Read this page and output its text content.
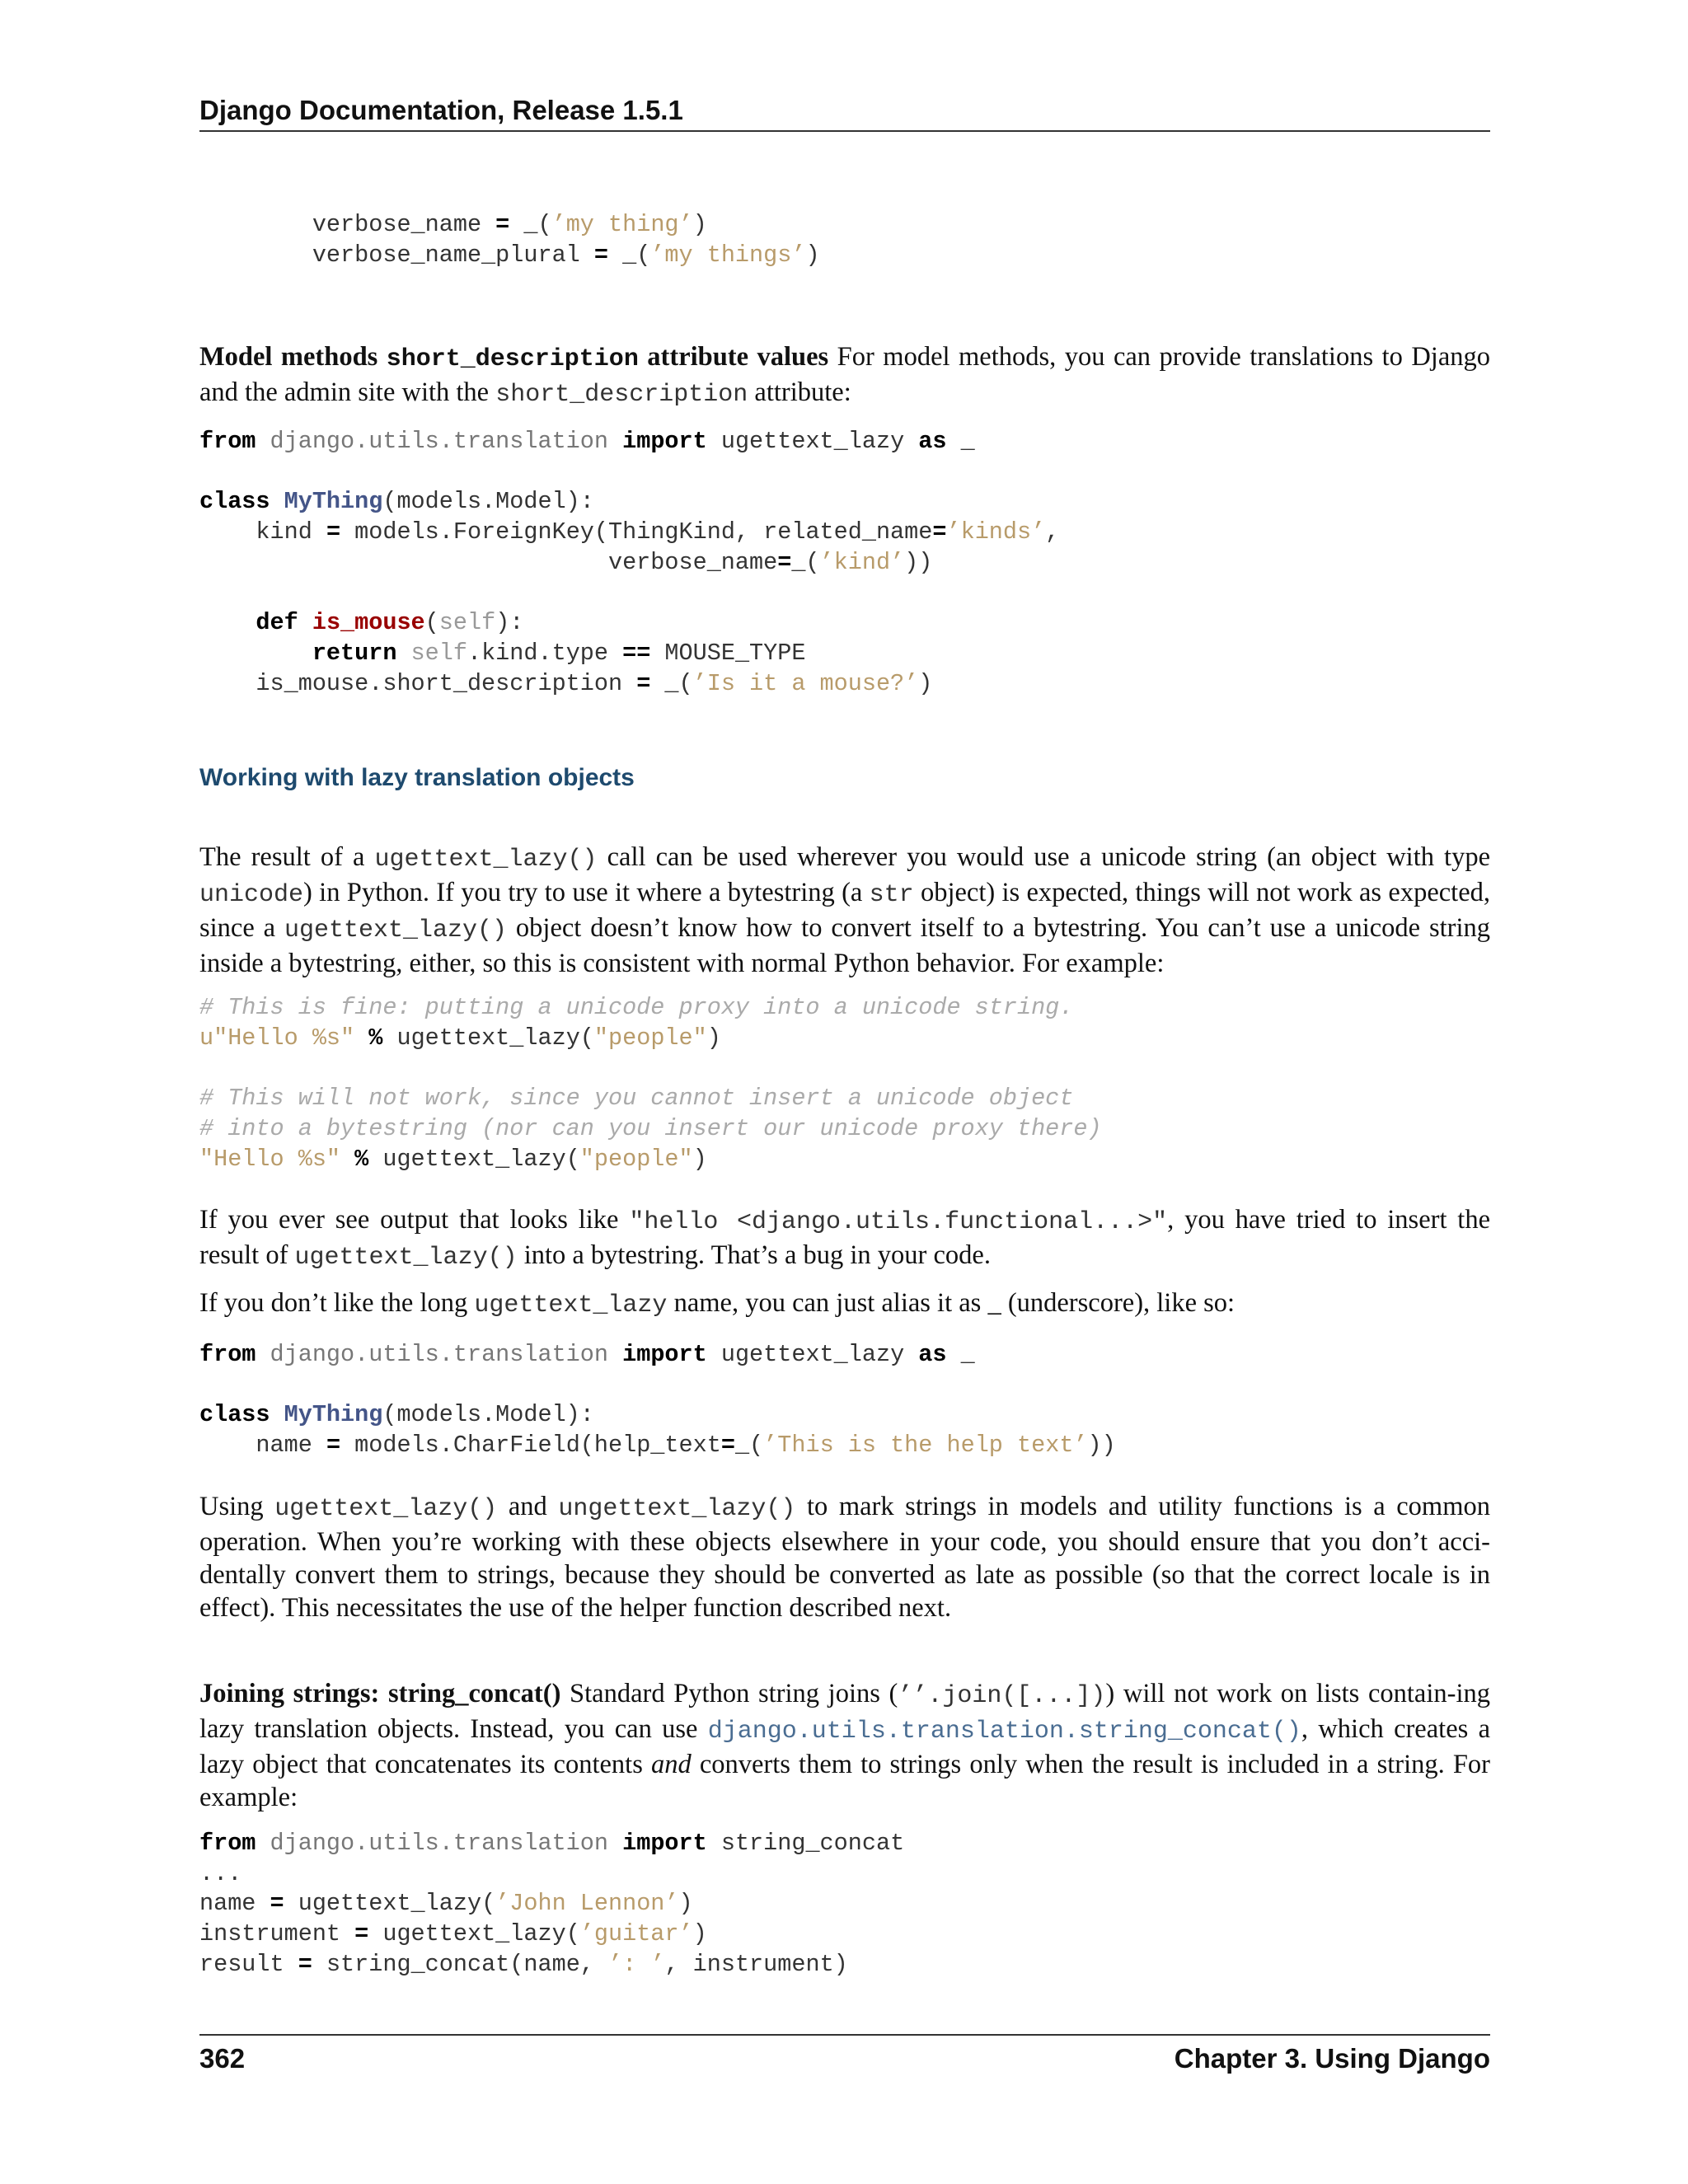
Django Documentation, Release 1.5.1
verbose_name = _(’my thing’)
verbose_name_plural = _(’my things’)

Model methods short_description attribute values For model methods, you can provide translations to Django and the admin site with the short_description attribute:

from django.utils.translation import ugettext_lazy as _

class MyThing(models.Model):
kind = models.ForeignKey(ThingKind, related_name=’kinds’,
verbose_name=_(’kind’))

def is_mouse(self):
return self.kind.type == MOUSE_TYPE
is_mouse.short_description = _(’Is it a mouse?’)
Working with lazy translation objects

The result of a ugettext_lazy() call can be used wherever you would use a unicode string (an object with type unicode) in Python. If you try to use it where a bytestring (a str object) is expected, things will not work as expected, since a ugettext_lazy() object doesn’t know how to convert itself to a bytestring. You can’t use a unicode string inside a bytestring, either, so this is consistent with normal Python behavior. For example:

# This is fine: putting a unicode proxy into a unicode string.
u"Hello %s" % ugettext_lazy("people")

# This will not work, since you cannot insert a unicode object
# into a bytestring (nor can you insert our unicode proxy there)
"Hello %s" % ugettext_lazy("people")

If you ever see output that looks like "hello <django.utils.functional...>", you have tried to insert the result of ugettext_lazy() into a bytestring. That’s a bug in your code.

If you don’t like the long ugettext_lazy name, you can just alias it as _ (underscore), like so:

from django.utils.translation import ugettext_lazy as _

class MyThing(models.Model):
name = models.CharField(help_text=_(’This is the help text’))

Using ugettext_lazy() and ungettext_lazy() to mark strings in models and utility functions is a common operation. When you’re working with these objects elsewhere in your code, you should ensure that you don’t acci-dentally convert them to strings, because they should be converted as late as possible (so that the correct locale is in effect). This necessitates the use of the helper function described next.

Joining strings: string_concat() Standard Python string joins (’’.join([...])) will not work on lists contain-ing lazy translation objects. Instead, you can use django.utils.translation.string_concat(), which creates a lazy object that concatenates its contents and converts them to strings only when the result is included in a string. For example:

from django.utils.translation import string_concat
...
name = ugettext_lazy(’John Lennon’)
instrument = ugettext_lazy(’guitar’)
result = string_concat(name, ’: ’, instrument)
362	Chapter 3. Using Django
